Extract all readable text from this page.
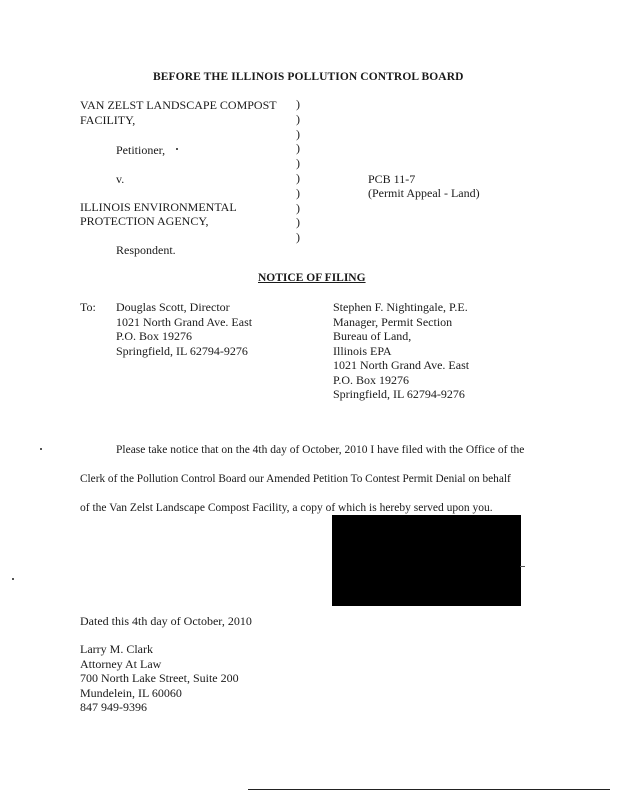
BEFORE THE ILLINOIS POLLUTION CONTROL BOARD
VAN ZELST LANDSCAPE COMPOST
FACILITY,
Petitioner,
v.
ILLINOIS ENVIRONMENTAL
PROTECTION AGENCY,
Respondent.
)
)
)
)
)
)
)
)
)
)
PCB 11-7
(Permit Appeal - Land)
NOTICE OF FILING
To: Douglas Scott, Director
1021 North Grand Ave. East
P.O. Box 19276
Springfield, IL 62794-9276
Stephen F. Nightingale, P.E.
Manager, Permit Section
Bureau of Land,
Illinois EPA
1021 North Grand Ave. East
P.O. Box 19276
Springfield, IL 62794-9276
Please take notice that on the 4th day of October, 2010 I have filed with the Office of the
Clerk of the Pollution Control Board our Amended Petition To Contest Permit Denial on behalf
of the Van Zelst Landscape Compost Facility, a copy of which is hereby served upon you.
Dated this 4th day of October, 2010
Larry M. Clark
Attorney At Law
700 North Lake Street, Suite 200
Mundelein, IL 60060
847 949-9396
